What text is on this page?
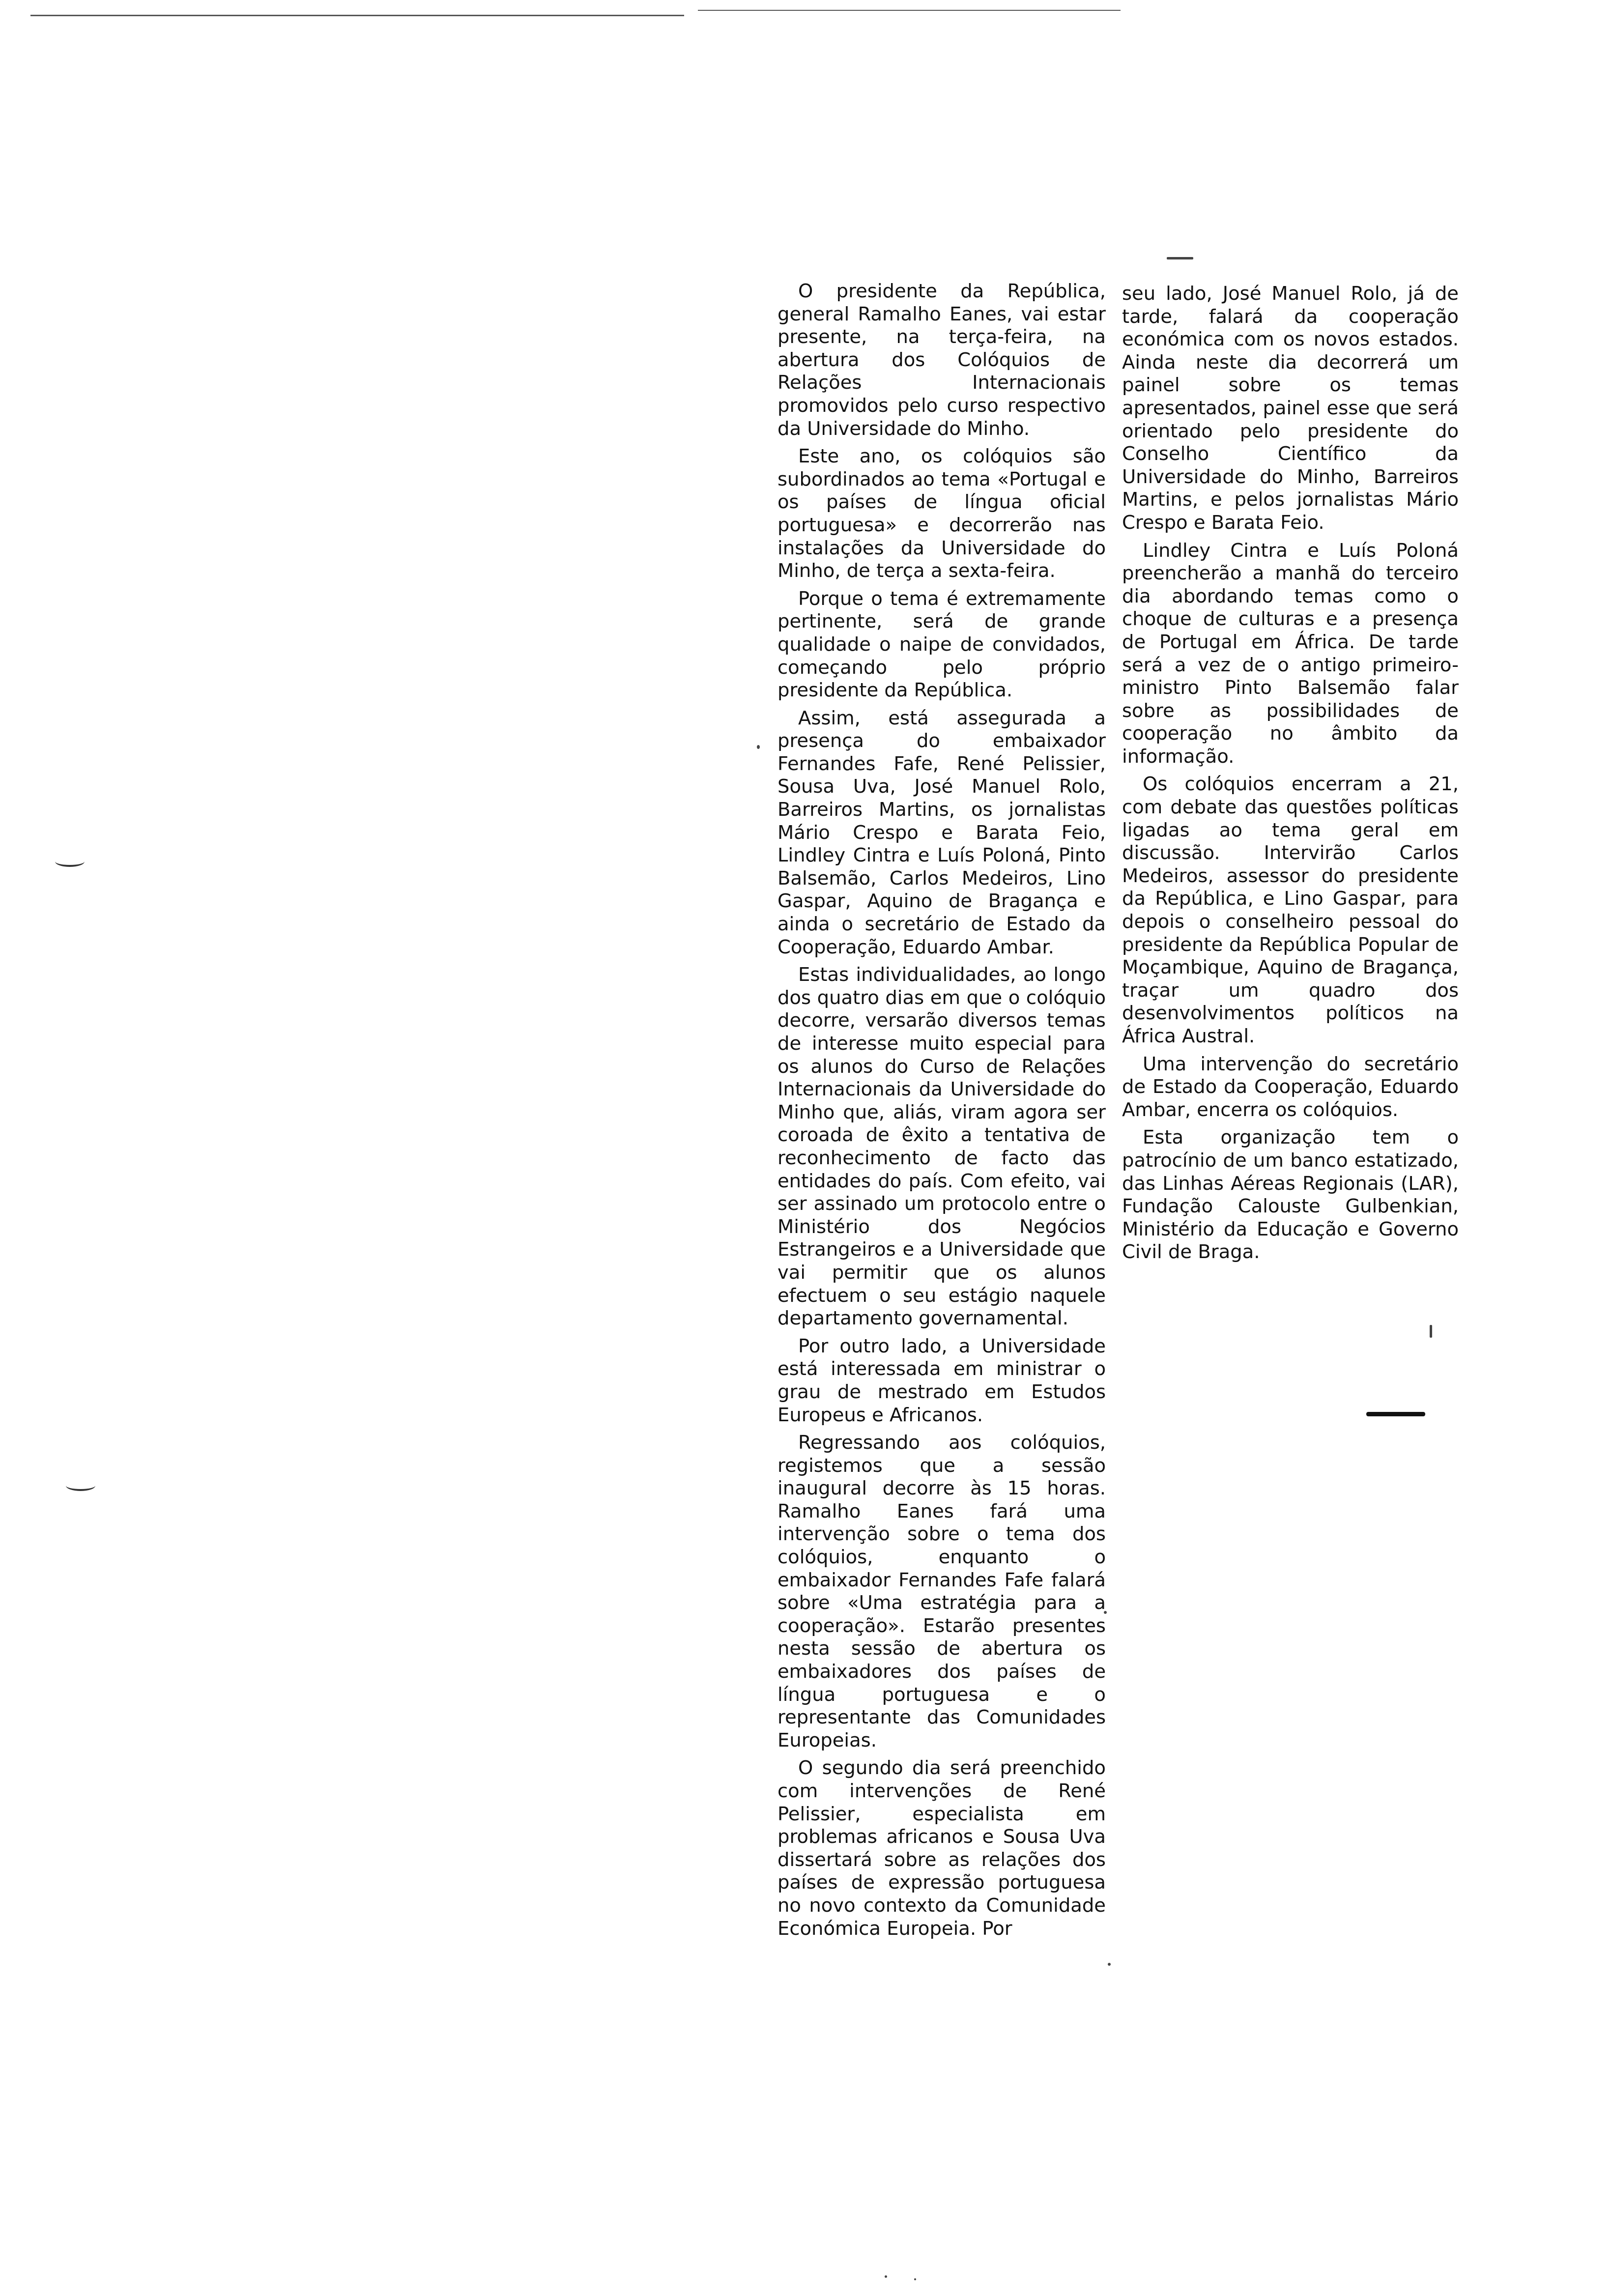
O presidente da República, general Ramalho Eanes, vai estar presente, na terça-feira, na abertura dos Colóquios de Relações Internacionais promovidos pelo curso respectivo da Universidade do Minho.

Este ano, os colóquios são subordinados ao tema «Portugal e os países de língua oficial portuguesa» e decorrerão nas instalações da Universidade do Minho, de terça a sexta-feira.

Porque o tema é extremamente pertinente, será de grande qualidade o naipe de convidados, começando pelo próprio presidente da República.

Assim, está assegurada a presença do embaixador Fernandes Fafe, René Pelissier, Sousa Uva, José Manuel Rolo, Barreiros Martins, os jornalistas Mário Crespo e Barata Feio, Lindley Cintra e Luís Poloná, Pinto Balsemão, Carlos Medeiros, Lino Gaspar, Aquino de Bragança e ainda o secretário de Estado da Cooperação, Eduardo Ambar.

Estas individualidades, ao longo dos quatro dias em que o colóquio decorre, versarão diversos temas de interesse muito especial para os alunos do Curso de Relações Internacionais da Universidade do Minho que, aliás, viram agora ser coroada de êxito a tentativa de reconhecimento de facto das entidades do país. Com efeito, vai ser assinado um protocolo entre o Ministério dos Negócios Estrangeiros e a Universidade que vai permitir que os alunos efectuem o seu estágio naquele departamento governamental.

Por outro lado, a Universidade está interessada em ministrar o grau de mestrado em Estudos Europeus e Africanos.

Regressando aos colóquios, registemos que a sessão inaugural decorre às 15 horas. Ramalho Eanes fará uma intervenção sobre o tema dos colóquios, enquanto o embaixador Fernandes Fafe falará sobre «Uma estratégia para a cooperação». Estarão presentes nesta sessão de abertura os embaixadores dos países de língua portuguesa e o representante das Comunidades Europeias.

O segundo dia será preenchido com intervenções de René Pelissier, especialista em problemas africanos e Sousa Uva dissertará sobre as relações dos países de expressão portuguesa no novo contexto da Comunidade Económica Europeia. Por

seu lado, José Manuel Rolo, já de tarde, falará da cooperação económica com os novos estados. Ainda neste dia decorrerá um painel sobre os temas apresentados, painel esse que será orientado pelo presidente do Conselho Científico da Universidade do Minho, Barreiros Martins, e pelos jornalistas Mário Crespo e Barata Feio.

Lindley Cintra e Luís Poloná preencherão a manhã do terceiro dia abordando temas como o choque de culturas e a presença de Portugal em África. De tarde será a vez de o antigo primeiro-ministro Pinto Balsemão falar sobre as possibilidades de cooperação no âmbito da informação.

Os colóquios encerram a 21, com debate das questões políticas ligadas ao tema geral em discussão. Intervirão Carlos Medeiros, assessor do presidente da República, e Lino Gaspar, para depois o conselheiro pessoal do presidente da República Popular de Moçambique, Aquino de Bragança, traçar um quadro dos desenvolvimentos políticos na África Austral.

Uma intervenção do secretário de Estado da Cooperação, Eduardo Ambar, encerra os colóquios.

Esta organização tem o patrocínio de um banco estatizado, das Linhas Aéreas Regionais (LAR), Fundação Calouste Gulbenkian, Ministério da Educação e Governo Civil de Braga.
